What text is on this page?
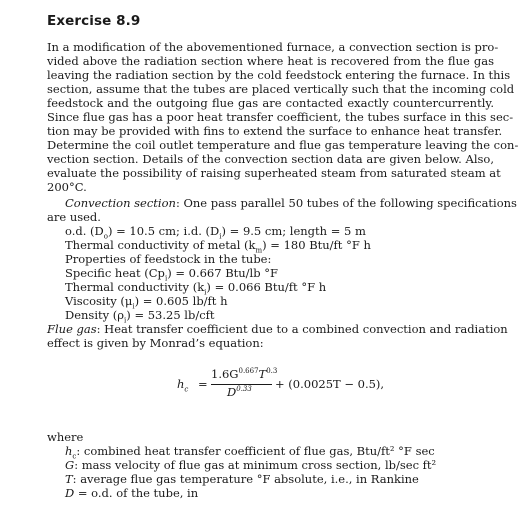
Exercise 8.9
In a modification of the abovementioned furnace, a convection section is pro-
vided above the radiation section where heat is recovered from the flue gas
leaving the radiation section by the cold feedstock entering the furnace. In this
section, assume that the tubes are placed vertically such that the incoming cold
feedstock and the outgoing flue gas are contacted exactly countercurrently.
Since flue gas has a poor heat transfer coefficient, the tubes surface in this sec-
tion may be provided with fins to extend the surface to enhance heat transfer.
Determine the coil outlet temperature and flue gas temperature leaving the con-
vection section. Details of the convection section data are given below. Also,
evaluate the possibility of raising superheated steam from saturated steam at
200°C.
Convection section: One pass parallel 50 tubes of the following specifications
are used.
o.d. $(D_o) = 10.5$ cm; i.d. $(D_i) = 9.5$ cm; length = 5 m
Thermal conductivity of metal $(k_m) = 180$ Btu/ft °F h
Properties of feedstock in the tube:
Specific heat $(Cp_i) = 0.667$ Btu/lb °F
Thermal conductivity $(k_i) = 0.066$ Btu/ft °F h
Viscosity $(\mu_i) = 0.605$ lb/ft h
Density $(\rho_i) = 53.25$ lb/cft
Flue gas: Heat transfer coefficient due to a combined convection and radiation
effect is given by Monrad’s equation:
$h_c$ =
$1.6G^{0.667}T^{0.3}$
$D^{0.33} + (0.0025T - 0.5)$,
where
$h_c$: combined heat transfer coefficient of flue gas, Btu/ft² °F sec
G: mass velocity of flue gas at minimum cross section, lb/sec ft²
T: average flue gas temperature °F absolute, i.e., in Rankine
D = o.d. of the tube, in
